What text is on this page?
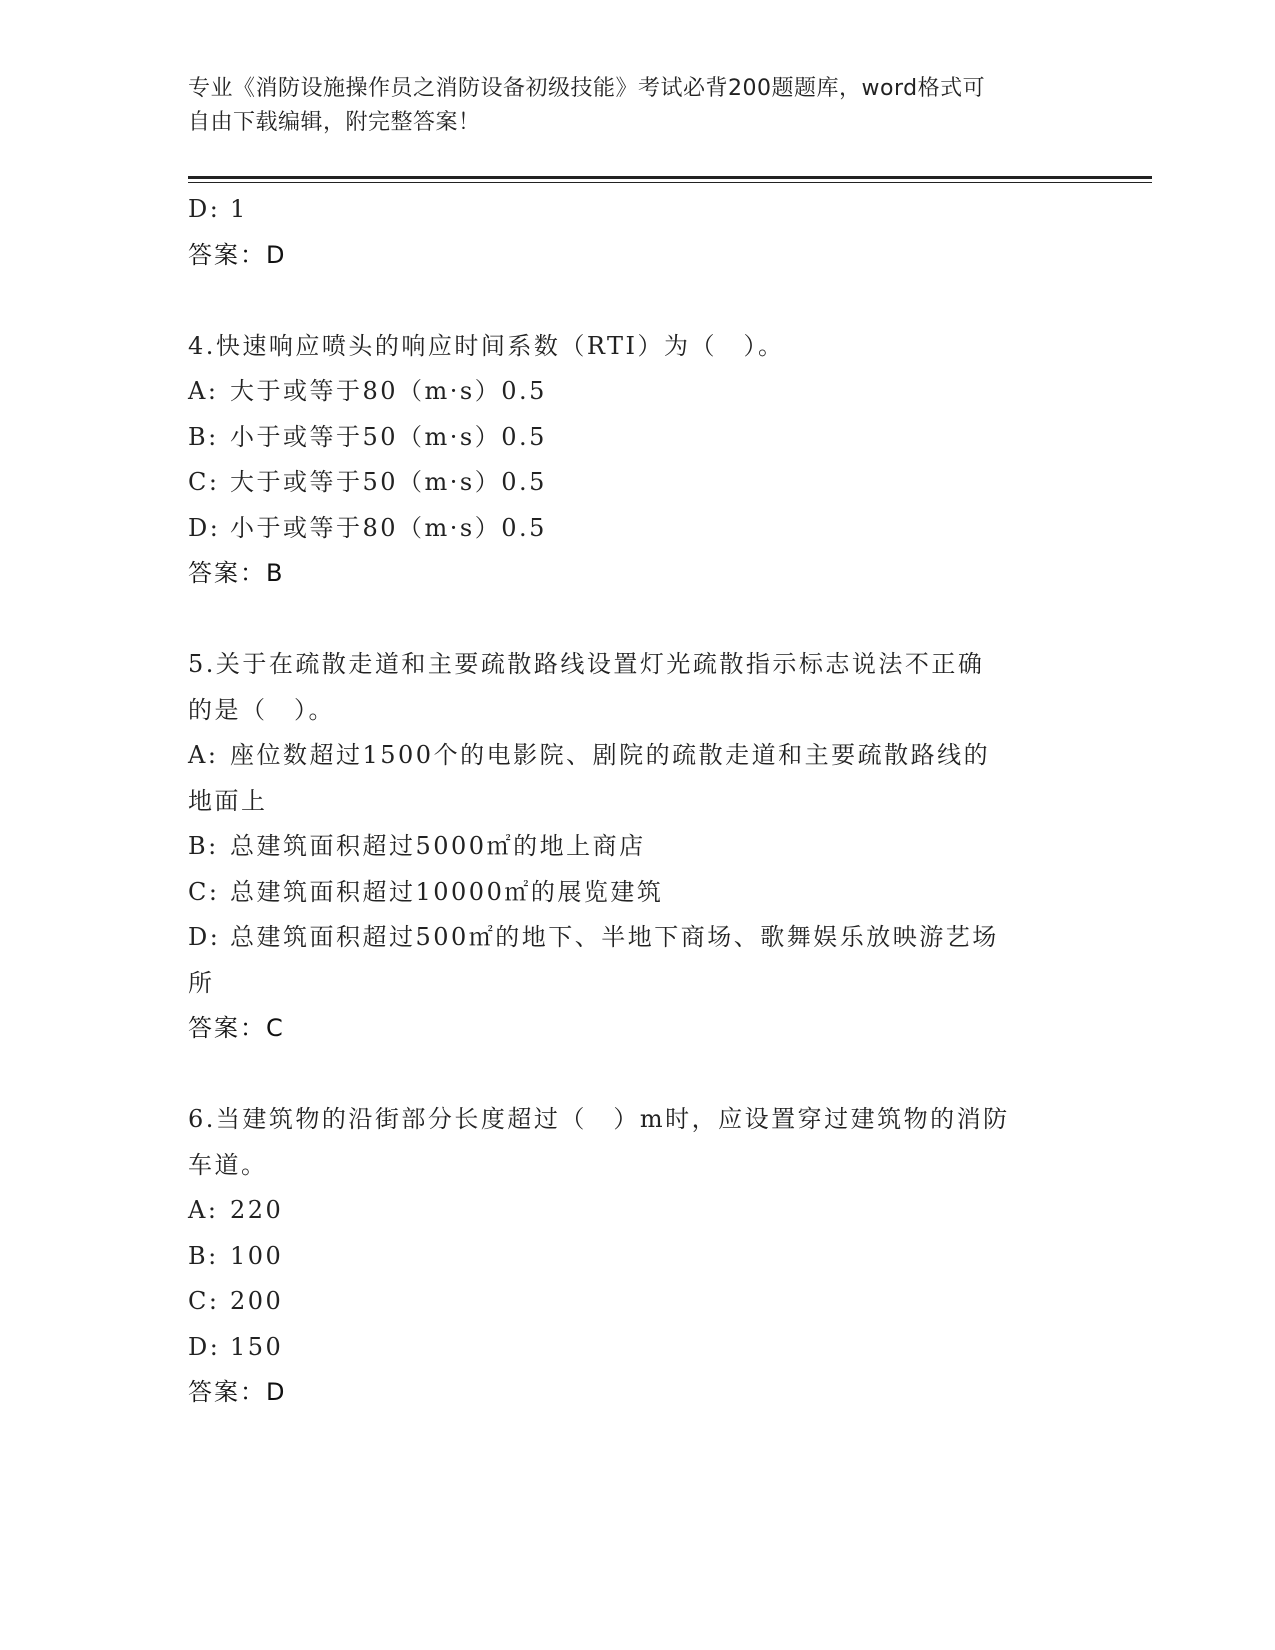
专业《消防设施操作员之消防设备初级技能》考试必背200题题库，word格式可
自由下载编辑，附完整答案！
D: 1
答案：D
4.快速响应喷头的响应时间系数（RTI）为（　）。
A: 大于或等于80（m·s）0.5
B: 小于或等于50（m·s）0.5
C: 大于或等于50（m·s）0.5
D: 小于或等于80（m·s）0.5
答案：B
5.关于在疏散走道和主要疏散路线设置灯光疏散指示标志说法不正确
的是（　）。
A: 座位数超过1500个的电影院、剧院的疏散走道和主要疏散路线的
地面上
B: 总建筑面积超过5000㎡的地上商店
C: 总建筑面积超过10000㎡的展览建筑
D: 总建筑面积超过500㎡的地下、半地下商场、歌舞娱乐放映游艺场
所
答案：C
6.当建筑物的沿街部分长度超过（　）m时，应设置穿过建筑物的消防
车道。
A: 220
B: 100
C: 200
D: 150
答案：D
